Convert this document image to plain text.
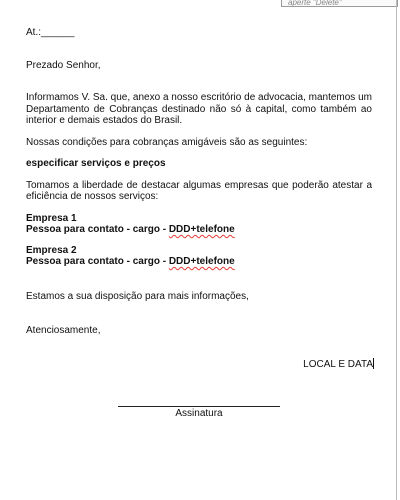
aperte "Delete"

At.:______

Prezado Senhor,

Informamos V. Sa. que, anexo a nosso escritório de advocacia, mantemos um Departamento de Cobranças destinado não só à capital, como também ao interior e demais estados do Brasil.

Nossas condições para cobranças amigáveis são as seguintes:

especificar serviços e preços

Tomamos a liberdade de destacar algumas empresas que poderão atestar a eficiência de nossos serviços:

Empresa 1

Pessoa para contato - cargo - DDD+telefone

Empresa 2

Pessoa para contato - cargo - DDD+telefone

Estamos a sua disposição para mais informações,

Atenciosamente,

LOCAL E DATA

Assinatura
